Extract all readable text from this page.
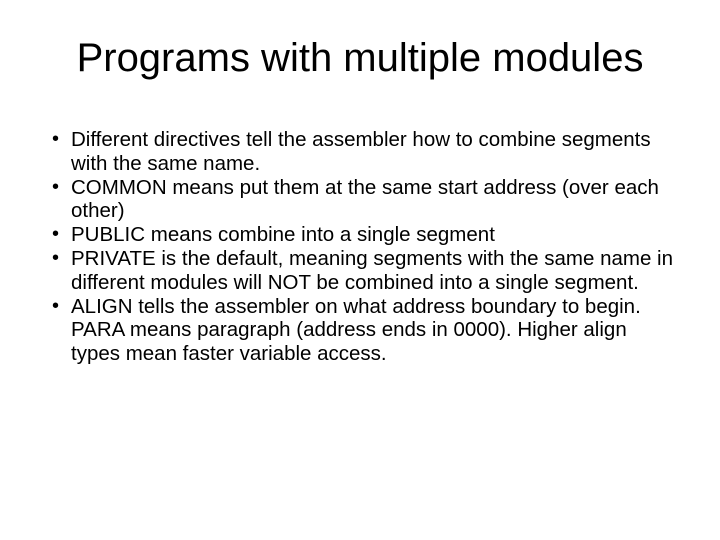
Programs with multiple modules
• Different directives tell the assembler how to combine segments with the same name.
• COMMON means put them at the same start address (over each other)
• PUBLIC means combine into a single segment
• PRIVATE is the default, meaning segments with the same name in different modules will NOT be combined into a single segment.
• ALIGN tells the assembler on what address boundary to begin. PARA means paragraph (address ends in 0000). Higher align types mean faster variable access.
